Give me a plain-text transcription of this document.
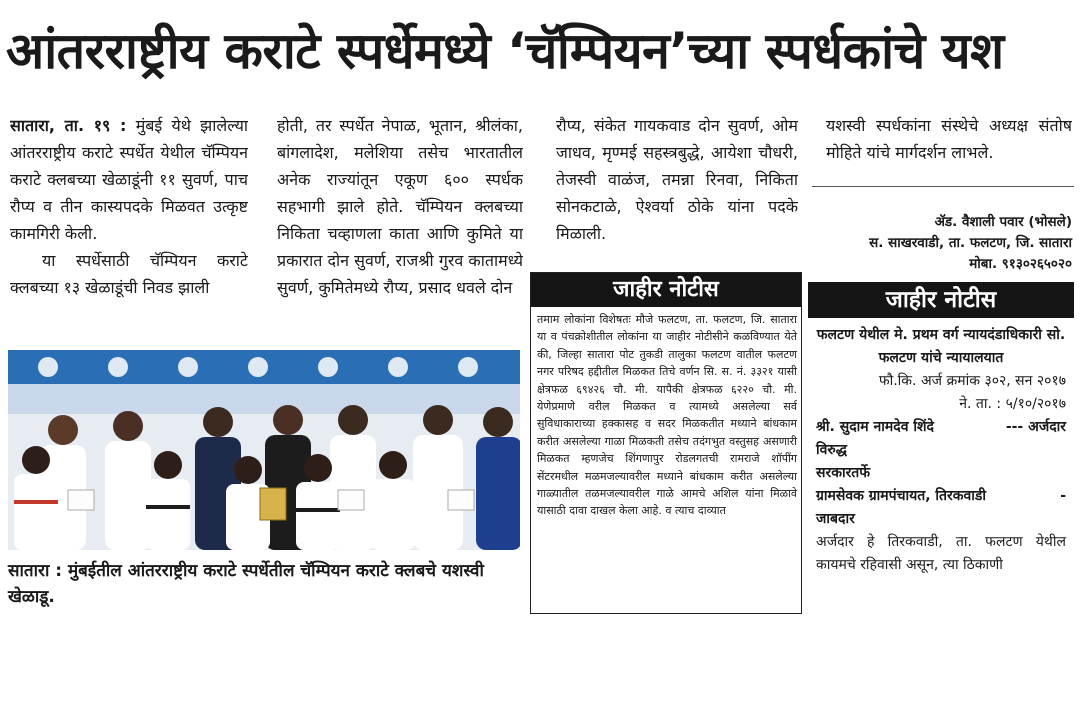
आंतरराष्ट्रीय कराटे स्पर्धेमध्ये ‘चॅम्पियन’च्या स्पर्धकांचे यश

सातारा, ता. १९ : मुंबई येथे झालेल्या आंतरराष्ट्रीय कराटे स्पर्धेत येथील चॅम्पियन कराटे क्लबच्या खेळाडूंनी ११ सुवर्ण, पाच रौप्य व तीन कास्यपदके मिळवत उत्कृष्ट कामगिरी केली.

या स्पर्धेसाठी चॅम्पियन कराटे क्लबच्या १३ खेळाडूंची निवड झाली

होती, तर स्पर्धेत नेपाळ, भूतान, श्रीलंका, बांगलादेश, मलेशिया तसेच भारतातील अनेक राज्यांतून एकूण ६०० स्पर्धक सहभागी झाले होते. चॅम्पियन क्लबच्या निकिता चव्हाणला काता आणि कुमिते या प्रकारात दोन सुवर्ण, राजश्री गुरव कातामध्ये सुवर्ण, कुमितेमध्ये रौप्य, प्रसाद धवले दोन

रौप्य, संकेत गायकवाड दोन सुवर्ण, ओम जाधव, मृण्मई सहस्त्रबुद्धे, आयेशा चौधरी, तेजस्वी वाळंज, तमन्ना रिनवा, निकिता सोनकटाळे, ऐश्वर्या ठोके यांना पदके मिळाली.

यशस्वी स्पर्धकांना संस्थेचे अध्यक्ष संतोष मोहिते यांचे मार्गदर्शन लाभले.

सातारा : मुंबईतील आंतरराष्ट्रीय कराटे स्पर्धेतील चॅम्पियन कराटे क्लबचे यशस्वी खेळाडू.
जाहीर नोटीस
तमाम लोकांना विशेषतः मौजे फलटण, ता. फलटण, जि. सातारा या व पंचक्रोशीतील लोकांना या जाहीर नोटीसीने कळविण्यात येते की, जिल्हा सातारा पोट तुकडी तालुका फलटण वातील फलटण नगर परिषद हद्दीतील मिळकत तिचे वर्णन सि. स. नं. ३३२१ यासी क्षेत्रफळ ६९४२६ चौ. मी. यापैकी क्षेत्रफळ ६२२० चौ. मी. येणेप्रमाणे वरील मिळकत व त्यामध्ये असलेल्या सर्व सुविधाकाराच्या हक्कासह व सदर मिळकतीत मध्याने बांधकाम करीत असलेल्या गाळा मिळकती तसेच तदंगभुत वस्तुसह असणारी मिळकत म्हणजेच शिंगणापुर रोडलगतची रामराजे शॉपींग सेंटरमधील मळमजल्यावरील मध्याने बांधकाम करीत असलेल्या गाळ्यातील तळमजल्यावरील गाळे आमचे अशिल यांना मिळावे यासाठी दावा दाखल केला आहे. व त्याच दाव्यात
ॲड. वैशाली पवार (भोसले)
स. साखरवाडी, ता. फलटण, जि. सातारा
मोबा. ९१३०२६५०२०
जाहीर नोटीस
फलटण येथील मे. प्रथम वर्ग न्यायदंडाधिकारी सो. फलटण यांचे न्यायालयात
फौ.कि. अर्ज क्रमांक ३०२, सन २०१७
ने. ता. : ५/१०/२०१७
श्री. सुदाम नामदेव शिंदे	--- अर्जदार
विरुद्ध
सरकारतर्फे
ग्रामसेवक ग्रामपंचायत, तिरकवाडी	-
जाबदार
अर्जदार हे तिरकवाडी, ता. फलटण येथील कायमचे रहिवासी असून, त्या ठिकाणी
